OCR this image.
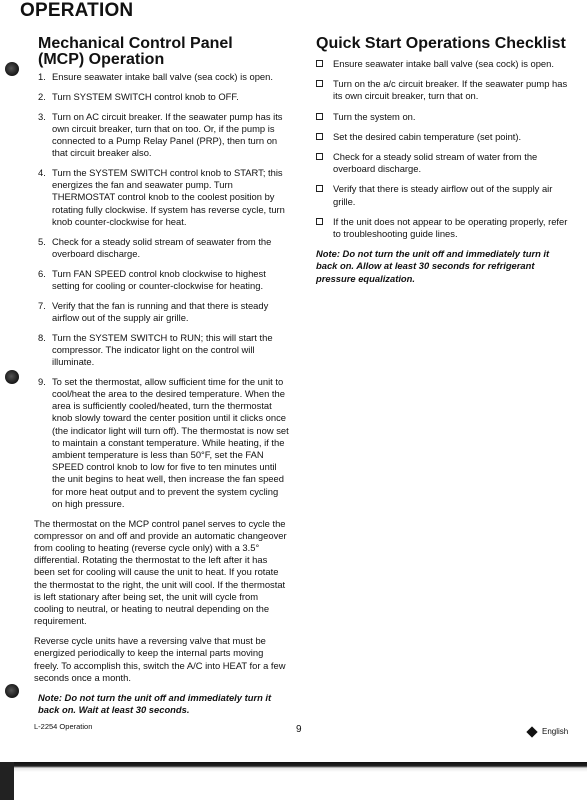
OPERATION
Mechanical Control Panel
(MCP) Operation
1. Ensure seawater intake ball valve (sea cock) is open.
2. Turn SYSTEM SWITCH control knob to OFF.
3. Turn on AC circuit breaker. If the seawater pump has its own circuit breaker, turn that on too. Or, if the pump is connected to a Pump Relay Panel (PRP), then turn on that circuit breaker also.
4. Turn the SYSTEM SWITCH control knob to START; this energizes the fan and seawater pump. Turn THERMOSTAT control knob to the coolest position by rotating fully clockwise. If system has reverse cycle, turn knob counter-clockwise for heat.
5. Check for a steady solid stream of seawater from the overboard discharge.
6. Turn FAN SPEED control knob clockwise to highest setting for cooling or counter-clockwise for heating.
7. Verify that the fan is running and that there is steady airflow out of the supply air grille.
8. Turn the SYSTEM SWITCH to RUN; this will start the compressor. The indicator light on the control will illuminate.
9. To set the thermostat, allow sufficient time for the unit to cool/heat the area to the desired temperature. When the area is sufficiently cooled/heated, turn the thermostat knob slowly toward the center position until it clicks once (the indicator light will turn off). The thermostat is now set to maintain a constant temperature. While heating, if the ambient temperature is less than 50°F, set the FAN SPEED control knob to low for five to ten minutes until the unit begins to heat well, then increase the fan speed for more heat output and to prevent the system cycling on high pressure.

The thermostat on the MCP control panel serves to cycle the compressor on and off and provide an automatic changeover from cooling to heating (reverse cycle only) with a 3.5° differential. Rotating the thermostat to the left after it has been set for cooling will cause the unit to heat. If you rotate the thermostat to the right, the unit will cool. If the thermostat is left stationary after being set, the unit will cycle from cooling to neutral, or heating to neutral depending on the requirement.

Reverse cycle units have a reversing valve that must be energized periodically to keep the internal parts moving freely. To accomplish this, switch the A/C into HEAT for a few seconds once a month.

Note: Do not turn the unit off and immediately turn it back on. Wait at least 30 seconds.

Quick Start Operations Checklist
Ensure seawater intake ball valve (sea cock) is open.
Turn on the a/c circuit breaker. If the seawater pump has its own circuit breaker, turn that on.
Turn the system on.
Set the desired cabin temperature (set point).
Check for a steady solid stream of water from the overboard discharge.
Verify that there is steady airflow out of the supply air grille.
If the unit does not appear to be operating properly, refer to troubleshooting guide lines.

Note: Do not turn the unit off and immediately turn it back on. Allow at least 30 seconds for refrigerant pressure equalization.

L-2254 Operation	9	English
